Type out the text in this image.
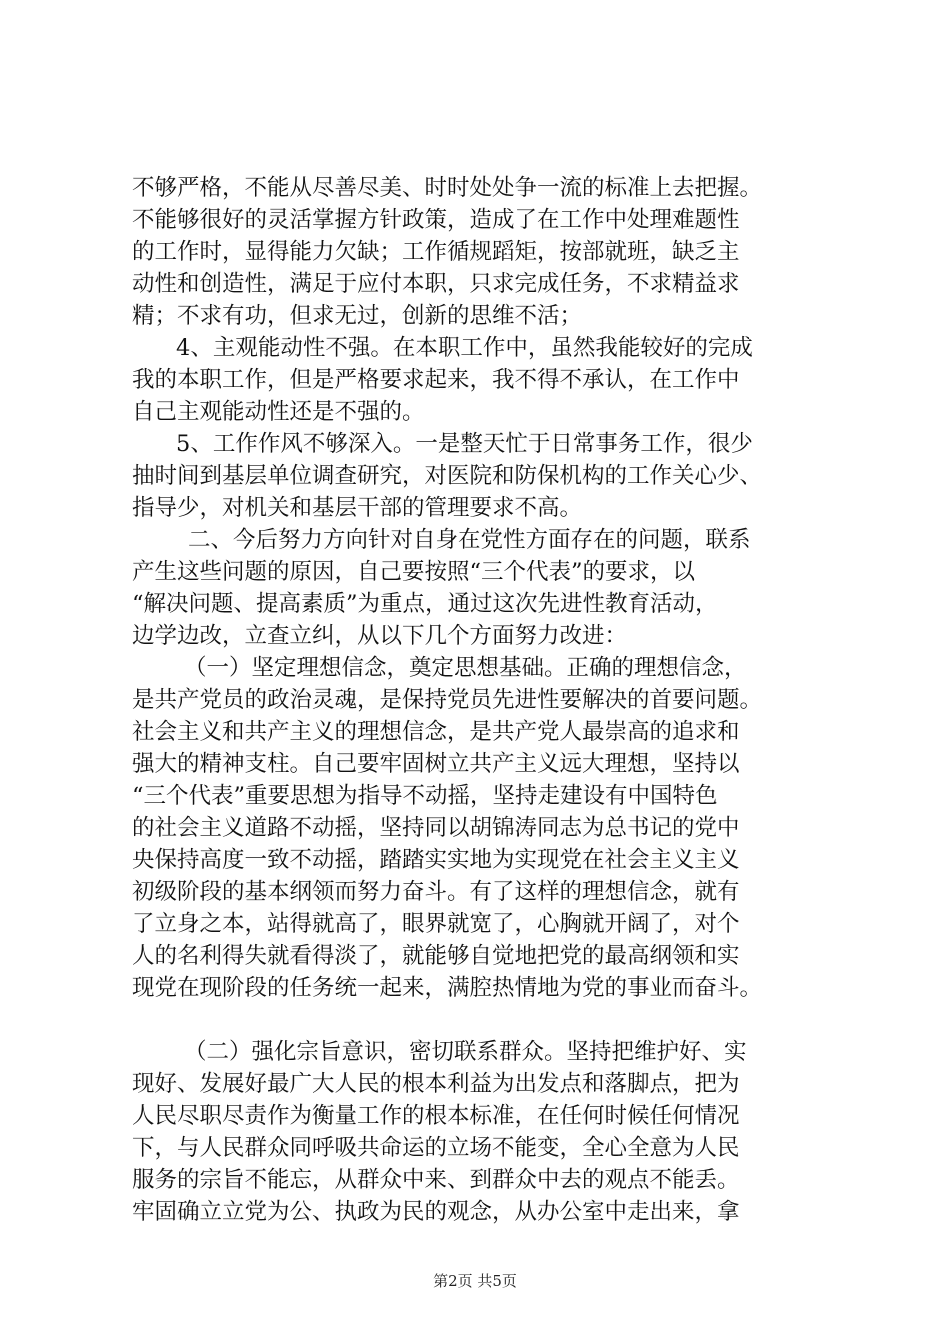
不够严格，不能从尽善尽美、时时处处争一流的标准上去把握。
不能够很好的灵活掌握方针政策，造成了在工作中处理难题性
的工作时，显得能力欠缺；工作循规蹈矩，按部就班，缺乏主
动性和创造性，满足于应付本职，只求完成任务，不求精益求
精；不求有功，但求无过，创新的思维不活；
4、主观能动性不强。在本职工作中，虽然我能较好的完成
我的本职工作，但是严格要求起来，我不得不承认，在工作中
自己主观能动性还是不强的。
5、工作作风不够深入。一是整天忙于日常事务工作，很少
抽时间到基层单位调查研究，对医院和防保机构的工作关心少、
指导少，对机关和基层干部的管理要求不高。
二、今后努力方向针对自身在党性方面存在的问题，联系
产生这些问题的原因，自己要按照“三个代表”的要求，以
“解决问题、提高素质”为重点，通过这次先进性教育活动，
边学边改，立查立纠，从以下几个方面努力改进：
（一）坚定理想信念，奠定思想基础。正确的理想信念，
是共产党员的政治灵魂，是保持党员先进性要解决的首要问题。
社会主义和共产主义的理想信念，是共产党人最崇高的追求和
强大的精神支柱。自己要牢固树立共产主义远大理想，坚持以
“三个代表”重要思想为指导不动摇，坚持走建设有中国特色
的社会主义道路不动摇，坚持同以胡锦涛同志为总书记的党中
央保持高度一致不动摇，踏踏实实地为实现党在社会主义主义
初级阶段的基本纲领而努力奋斗。有了这样的理想信念，就有
了立身之本，站得就高了，眼界就宽了，心胸就开阔了，对个
人的名利得失就看得淡了，就能够自觉地把党的最高纲领和实
现党在现阶段的任务统一起来，满腔热情地为党的事业而奋斗。
（二）强化宗旨意识，密切联系群众。坚持把维护好、实
现好、发展好最广大人民的根本利益为出发点和落脚点，把为
人民尽职尽责作为衡量工作的根本标准，在任何时候任何情况
下，与人民群众同呼吸共命运的立场不能变，全心全意为人民
服务的宗旨不能忘，从群众中来、到群众中去的观点不能丢。
牢固确立立党为公、执政为民的观念，从办公室中走出来，拿
第2页 共5页
